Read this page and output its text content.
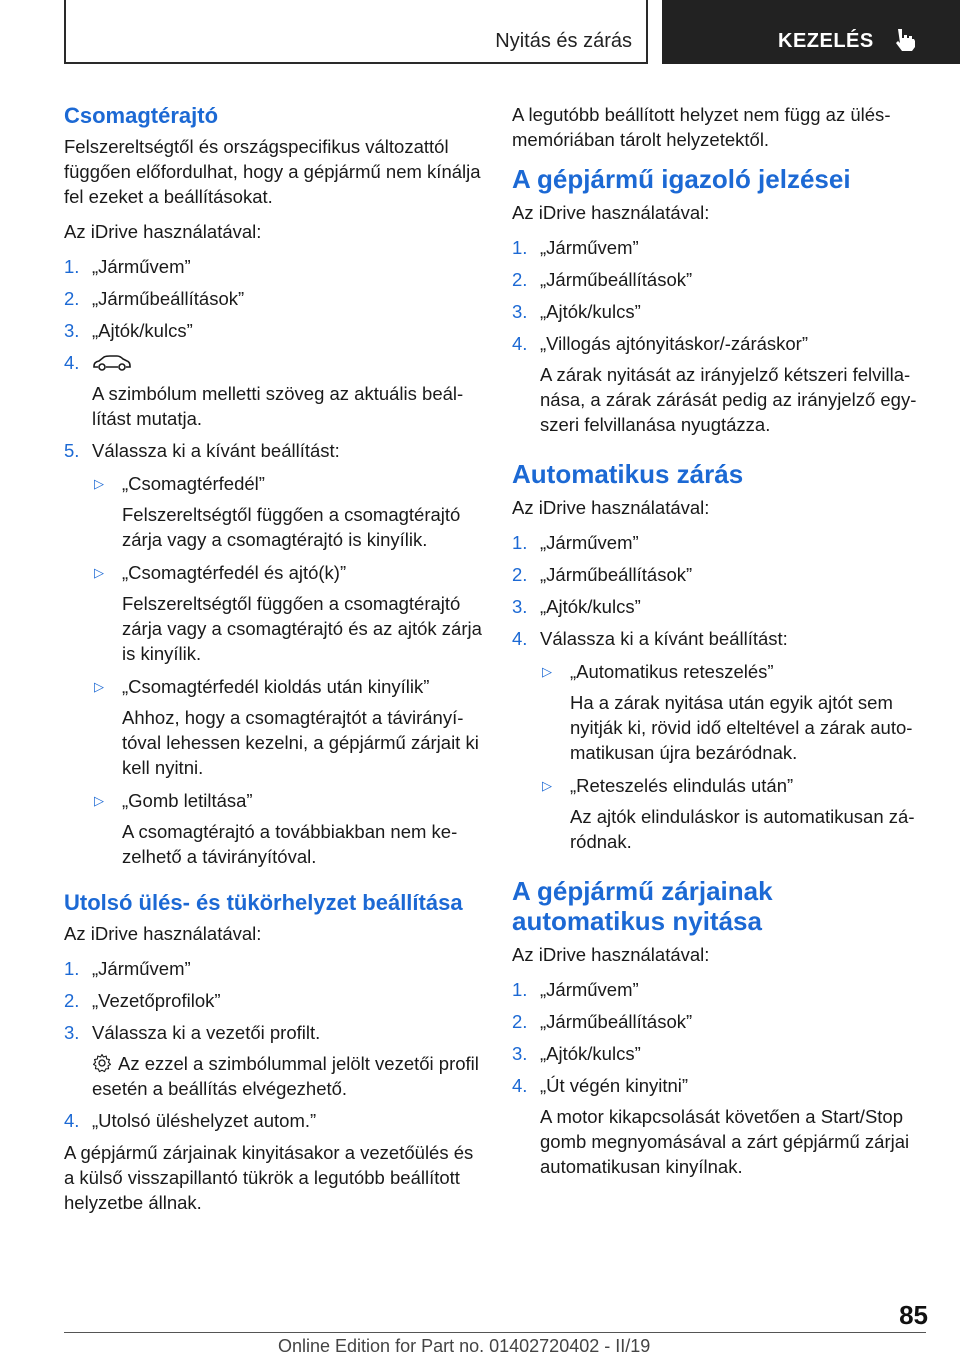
Nyitás és zárás	KEZELÉS
Csomagtérajtó

Felszereltségtől és országspecifikus változattól függően előfordulhat, hogy a gépjármű nem kínálja fel ezeket a beállításokat.

Az iDrive használatával:

1. „Járművem”
2. „Járműbeállítások”
3. „Ajtók/kulcs”
4.
A szimbólum melletti szöveg az aktuális beállítást mutatja.
5. Válassza ki a kívánt beállítást:
▷ „Csomagtérfedél”
Felszereltségtől függően a csomagtérajtó zárja vagy a csomagtérajtó is kinyílik.
▷ „Csomagtérfedél és ajtó(k)”
Felszereltségtől függően a csomagtérajtó zárja vagy a csomagtérajtó és az ajtók zárja is kinyílik.
▷ „Csomagtérfedél kioldás után kinyílik”
Ahhoz, hogy a csomagtérajtót a távirányítóval lehessen kezelni, a gépjármű zárjait ki kell nyitni.
▷ „Gomb letiltása”
A csomagtérajtó a továbbiakban nem kezelhető a távirányítóval.
Utolsó ülés- és tükörhelyzet beállítása

Az iDrive használatával:

1. „Járművem”
2. „Vezetőprofilok”
3. Válassza ki a vezetői profilt.
Az ezzel a szimbólummal jelölt vezetői profil esetén a beállítás elvégezhető.
4. „Utolsó üléshelyzet autom.”

A gépjármű zárjainak kinyitásakor a vezetőülés és a külső visszapillantó tükrök a legutóbb beállított helyzetbe állnak.

A legutóbb beállított helyzet nem függ az ülésmemóriában tárolt helyzetektől.

A gépjármű igazoló jelzései

Az iDrive használatával:

1. „Járművem”
2. „Járműbeállítások”
3. „Ajtók/kulcs”
4. „Villogás ajtónyitáskor/-záráskor”
A zárak nyitását az irányjelző kétszeri felvillanása, a zárak zárását pedig az irányjelző egyszeri felvillanása nyugtázza.
Automatikus zárás

Az iDrive használatával:

1. „Járművem”
2. „Járműbeállítások”
3. „Ajtók/kulcs”
4. Válassza ki a kívánt beállítást:
▷ „Automatikus reteszelés”
Ha a zárak nyitása után egyik ajtót sem nyitják ki, rövid idő elteltével a zárak automatikusan újra bezáródnak.
▷ „Reteszelés elindulás után”
Az ajtók elinduláskor is automatikusan záródnak.
A gépjármű zárjainak automatikus nyitása

Az iDrive használatával:

1. „Járművem”
2. „Járműbeállítások”
3. „Ajtók/kulcs”
4. „Út végén kinyitni”
A motor kikapcsolását követően a Start/Stop gomb megnyomásával a zárt gépjármű zárjai automatikusan kinyílnak.
85
Online Edition for Part no. 01402720402 - II/19
